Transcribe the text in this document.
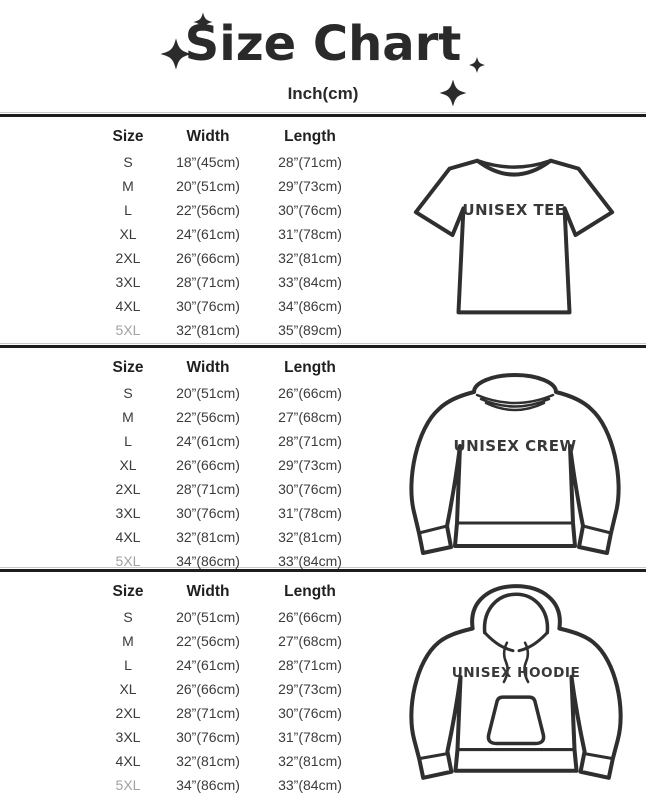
Size Chart
Inch(cm)
Size	Width	Length
S	18”(45cm)	28”(71cm)
M	20”(51cm)	29”(73cm)
L	22”(56cm)	30”(76cm)
XL	24”(61cm)	31”(78cm)
2XL	26”(66cm)	32”(81cm)
3XL	28”(71cm)	33”(84cm)
4XL	30”(76cm)	34”(86cm)
5XL	32”(81cm)	35”(89cm)
UNISEX TEE
Size	Width	Length
S	20”(51cm)	26”(66cm)
M	22”(56cm)	27”(68cm)
L	24”(61cm)	28”(71cm)
XL	26”(66cm)	29”(73cm)
2XL	28”(71cm)	30”(76cm)
3XL	30”(76cm)	31”(78cm)
4XL	32”(81cm)	32”(81cm)
5XL	34”(86cm)	33”(84cm)
UNISEX CREW
Size	Width	Length
S	20”(51cm)	26”(66cm)
M	22”(56cm)	27”(68cm)
L	24”(61cm)	28”(71cm)
XL	26”(66cm)	29”(73cm)
2XL	28”(71cm)	30”(76cm)
3XL	30”(76cm)	31”(78cm)
4XL	32”(81cm)	32”(81cm)
5XL	34”(86cm)	33”(84cm)
UNISEX HOODIE
